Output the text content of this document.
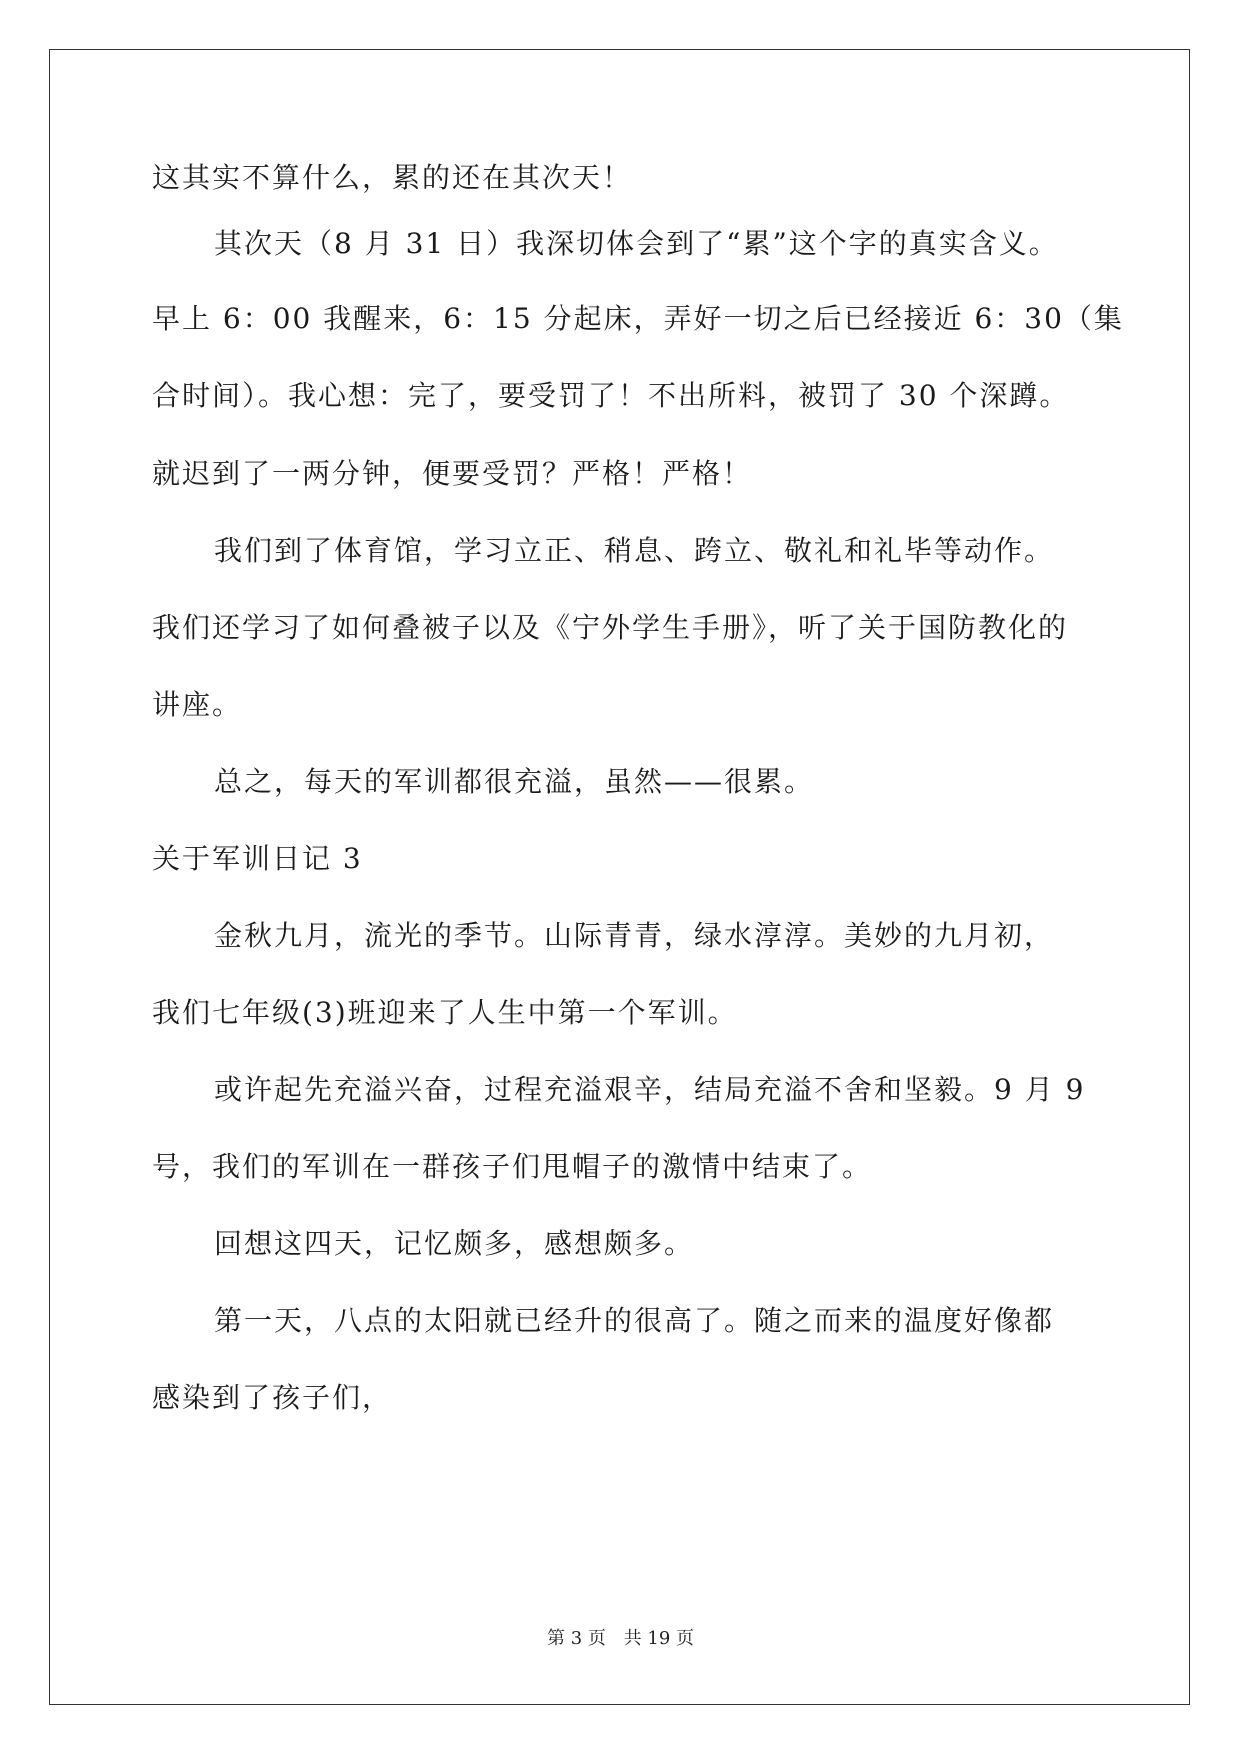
这其实不算什么，累的还在其次天！
其次天（8 月 31 日）我深切体会到了“累”这个字的真实含义。
早上 6：00 我醒来，6：15 分起床，弄好一切之后已经接近 6：30（集
合时间）。我心想：完了，要受罚了！不出所料，被罚了 30 个深蹲。
就迟到了一两分钟，便要受罚？严格！严格！
我们到了体育馆，学习立正、稍息、跨立、敬礼和礼毕等动作。
我们还学习了如何叠被子以及《宁外学生手册》，听了关于国防教化的
讲座。
总之，每天的军训都很充溢，虽然——很累。
关于军训日记 3
金秋九月，流光的季节。山际青青，绿水淳淳。美妙的九月初，
我们七年级(3)班迎来了人生中第一个军训。
或许起先充溢兴奋，过程充溢艰辛，结局充溢不舍和坚毅。9 月 9
号，我们的军训在一群孩子们甩帽子的激情中结束了。
回想这四天，记忆颇多，感想颇多。
第一天，八点的太阳就已经升的很高了。随之而来的温度好像都
感染到了孩子们，
第 3 页 共 19 页
